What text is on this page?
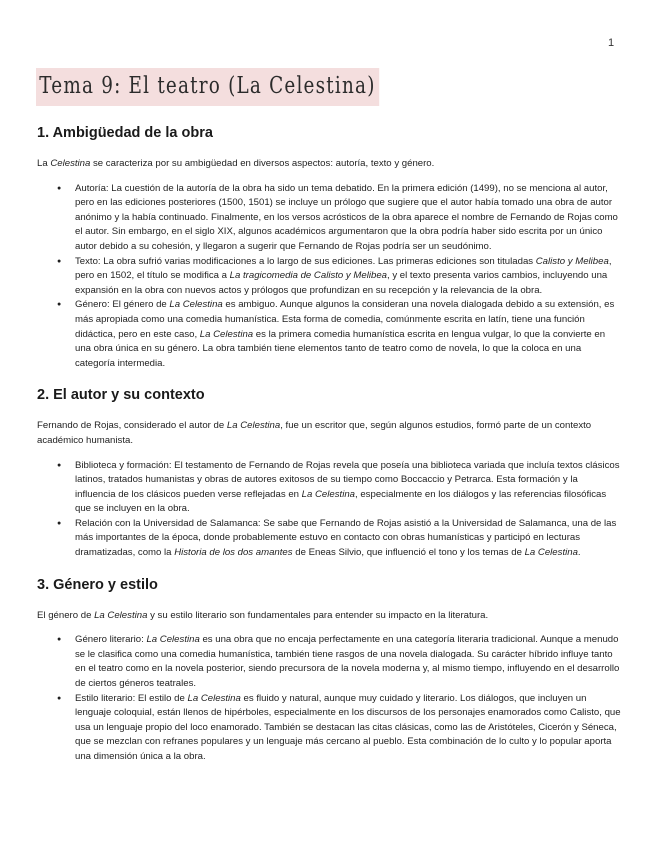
1
Tema 9: El teatro (La Celestina)
1. Ambigüedad de la obra

La Celestina se caracteriza por su ambigüedad en diversos aspectos: autoría, texto y género.

● Autoría: La cuestión de la autoría de la obra ha sido un tema debatido. En la primera edición (1499), no se menciona al autor, pero en las ediciones posteriores (1500, 1501) se incluye un prólogo que sugiere que el autor había tomado una obra de autor anónimo y la había continuado. Finalmente, en los versos acrósticos de la obra aparece el nombre de Fernando de Rojas como el autor. Sin embargo, en el siglo XIX, algunos académicos argumentaron que la obra podría haber sido escrita por un único autor debido a su cohesión, y llegaron a sugerir que Fernando de Rojas podría ser un seudónimo.
● Texto: La obra sufrió varias modificaciones a lo largo de sus ediciones. Las primeras ediciones son tituladas Calisto y Melibea, pero en 1502, el título se modifica a La tragicomedia de Calisto y Melibea, y el texto presenta varios cambios, incluyendo una expansión en la obra con nuevos actos y prólogos que profundizan en su recepción y la relevancia de la obra.
● Género: El género de La Celestina es ambiguo. Aunque algunos la consideran una novela dialogada debido a su extensión, es más apropiada como una comedia humanística. Esta forma de comedia, comúnmente escrita en latín, tiene una función didáctica, pero en este caso, La Celestina es la primera comedia humanística escrita en lengua vulgar, lo que la convierte en una obra única en su género. La obra también tiene elementos tanto de teatro como de novela, lo que la coloca en una categoría intermedia.
2. El autor y su contexto

Fernando de Rojas, considerado el autor de La Celestina, fue un escritor que, según algunos estudios, formó parte de un contexto académico humanista.

● Biblioteca y formación: El testamento de Fernando de Rojas revela que poseía una biblioteca variada que incluía textos clásicos latinos, tratados humanistas y obras de autores exitosos de su tiempo como Boccaccio y Petrarca. Esta formación y la influencia de los clásicos pueden verse reflejadas en La Celestina, especialmente en los diálogos y las referencias filosóficas que se incluyen en la obra.
● Relación con la Universidad de Salamanca: Se sabe que Fernando de Rojas asistió a la Universidad de Salamanca, una de las más importantes de la época, donde probablemente estuvo en contacto con obras humanísticas y participó en lecturas dramatizadas, como la Historia de los dos amantes de Eneas Silvio, que influenció el tono y los temas de La Celestina.
3. Género y estilo

El género de La Celestina y su estilo literario son fundamentales para entender su impacto en la literatura.

● Género literario: La Celestina es una obra que no encaja perfectamente en una categoría literaria tradicional. Aunque a menudo se le clasifica como una comedia humanística, también tiene rasgos de una novela dialogada. Su carácter híbrido influye tanto en el teatro como en la novela posterior, siendo precursora de la novela moderna y, al mismo tiempo, influyendo en el desarrollo de ciertos géneros teatrales.
● Estilo literario: El estilo de La Celestina es fluido y natural, aunque muy cuidado y literario. Los diálogos, que incluyen un lenguaje coloquial, están llenos de hipérboles, especialmente en los discursos de los personajes enamorados como Calisto, que usa un lenguaje propio del loco enamorado. También se destacan las citas clásicas, como las de Aristóteles, Cicerón y Séneca, que se mezclan con refranes populares y un lenguaje más cercano al pueblo. Esta combinación de lo culto y lo popular aporta una dimensión única a la obra.
